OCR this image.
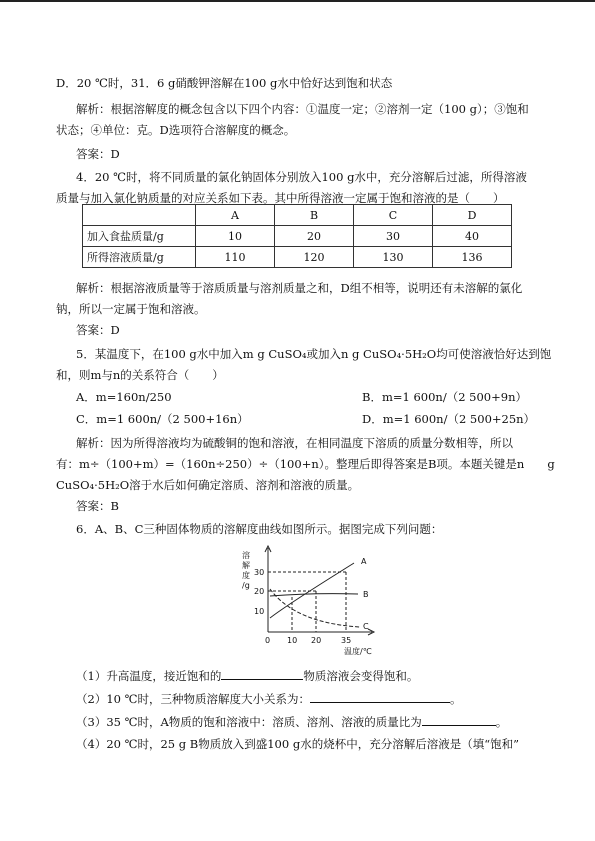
D．20 ℃时，31．6 g硝酸钾溶解在100 g水中恰好达到饱和状态
解析：根据溶解度的概念包含以下四个内容：①温度一定；②溶剂一定（100 g）；③饱和
状态；④单位：克。D选项符合溶解度的概念。
答案：D
4．20 ℃时，将不同质量的氯化钠固体分别放入100 g水中，充分溶解后过滤，所得溶液
质量与加入氯化钠质量的对应关系如下表。其中所得溶液一定属于饱和溶液的是（　　）
	A	B	C	D
加入食盐质量/g	10	20	30	40
所得溶液质量/g	110	120	130	136
解析：根据溶液质量等于溶质质量与溶剂质量之和，D组不相等，说明还有未溶解的氯化
钠，所以一定属于饱和溶液。
答案：D
5．某温度下，在100 g水中加入m g CuSO₄或加入n g CuSO₄·5H₂O均可使溶液恰好达到饱
和，则m与n的关系符合（　　）
A．m=160n/250	B．m=1 600n/（2 500+9n）
C．m=1 600n/（2 500+16n）	D．m=1 600n/（2 500+25n）
解析：因为所得溶液均为硫酸铜的饱和溶液，在相同温度下溶质的质量分数相等，所以
有：m÷（100+m）=（160n÷250）÷（100+n）。整理后即得答案是B项。本题关键是n　　g
CuSO₄·5H₂O溶于水后如何确定溶质、溶剂和溶液的质量。
答案：B
6．A、B、C三种固体物质的溶解度曲线如图所示。据图完成下列问题：
溶
解
度
/g
30
20
10
0 10 20 35
温度/℃
A
B
C
（1）升高温度，接近饱和的	物质溶液会变得饱和。
（2）10 ℃时，三种物质溶解度大小关系为：	。
（3）35 ℃时，A物质的饱和溶液中：溶质、溶剂、溶液的质量比为	。
（4）20 ℃时，25 g B物质放入到盛100 g水的烧杯中，充分溶解后溶液是（填“饱和”
